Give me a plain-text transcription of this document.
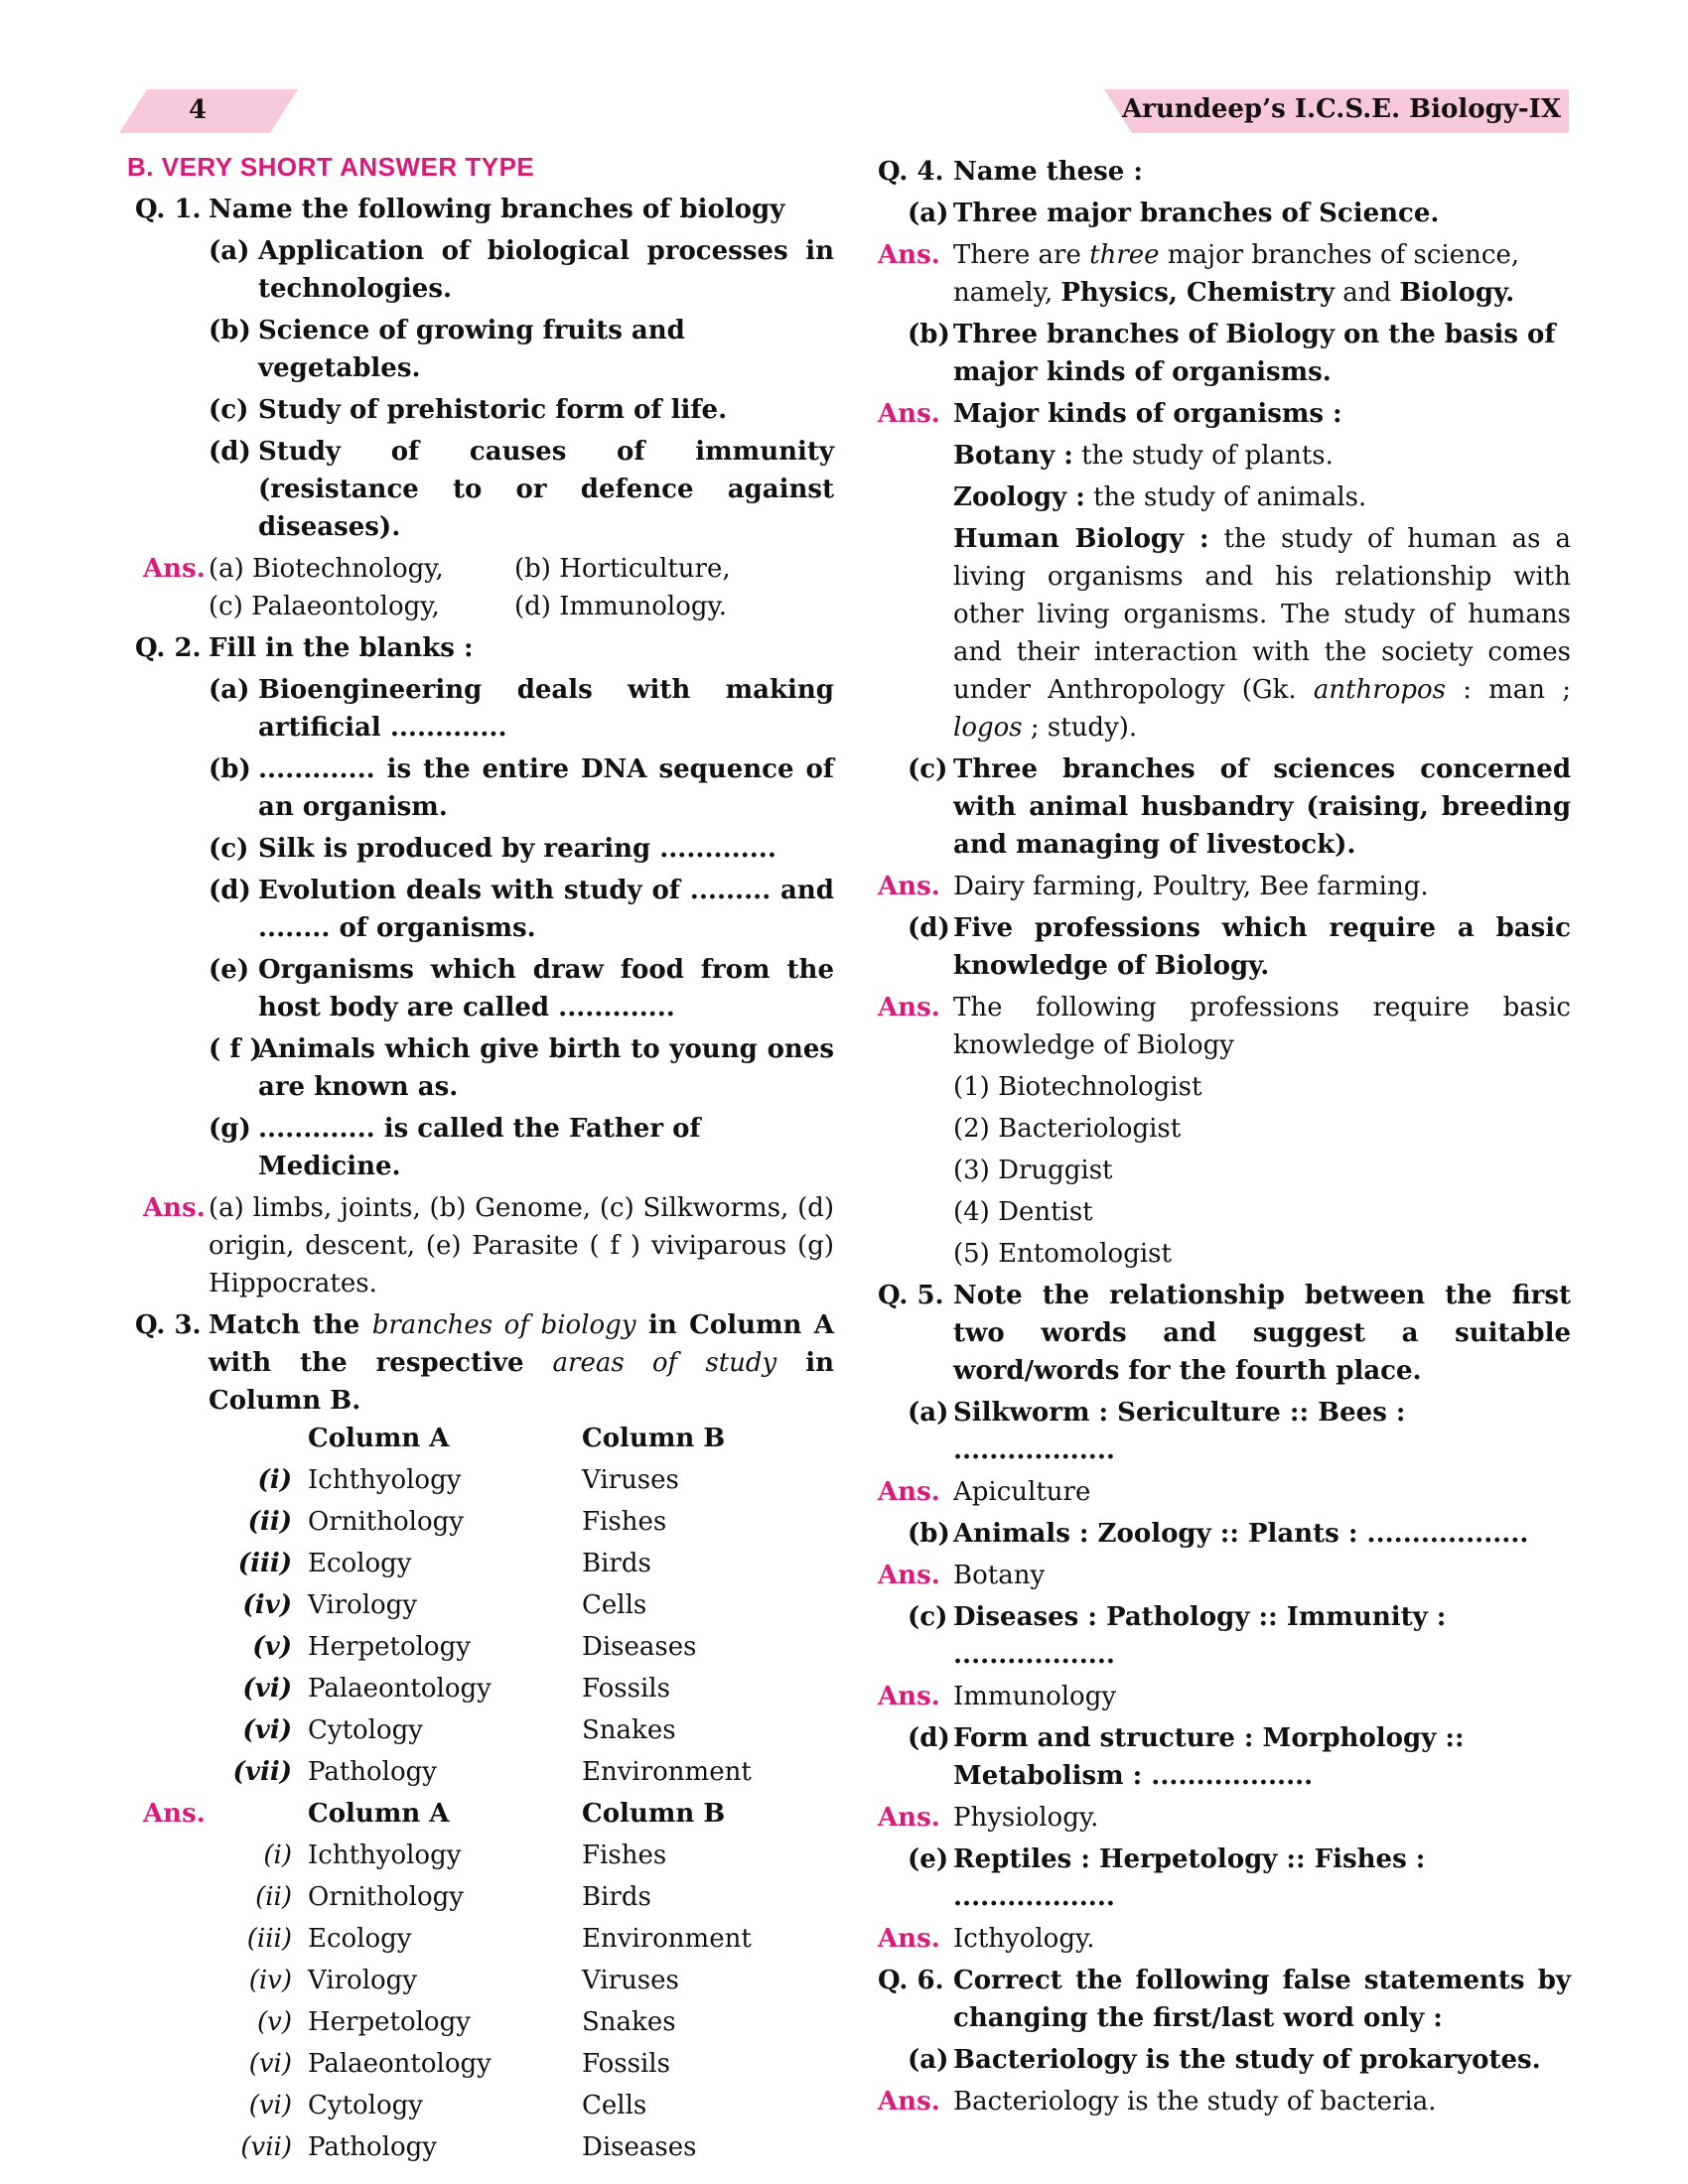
4	Arundeep’s I.C.S.E. Biology-IX
B. VERY SHORT ANSWER TYPE
Q. 1. Name the following branches of biology
(a) Application of biological processes in technologies.
(b) Science of growing fruits and vegetables.
(c) Study of prehistoric form of life.
(d) Study of causes of immunity (resistance to or defence against diseases).
Ans. (a) Biotechnology,	(b) Horticulture,
(c) Palaeontology,	(d) Immunology.
Q. 2. Fill in the blanks :
(a) Bioengineering deals with making artificial .............
(b) ............. is the entire DNA sequence of an organism.
(c) Silk is produced by rearing .............
(d) Evolution deals with study of ......... and ........ of organisms.
(e) Organisms which draw food from the host body are called .............
( f )
Animals which give birth to young ones are known as.
(g) ............. is called the Father of Medicine.
Ans. (a) limbs, joints, (b) Genome, (c) Silkworms, (d) origin, descent, (e) Parasite ( f ) viviparous (g) Hippocrates.
Q. 3. Match the branches of biology in Column A with the respective areas of study in Column B.
	Column A	Column B
(i)	Ichthyology	Viruses
(ii)	Ornithology	Fishes
(iii)	Ecology	Birds
(iv)	Virology	Cells
(v)	Herpetology	Diseases
(vi)	Palaeontology	Fossils
(vi)	Cytology	Snakes
(vii)	Pathology	Environment
Ans.
		Column A	Column B
(i)	Ichthyology	Fishes
(ii)	Ornithology	Birds
(iii)	Ecology	Environment
(iv)	Virology	Viruses
(v)	Herpetology	Snakes
(vi)	Palaeontology	Fossils
(vi)	Cytology	Cells
(vii)	Pathology	Diseases
Q. 4. Name these :
(a) Three major branches of Science.
Ans. There are three major branches of science, namely, Physics, Chemistry and Biology.
(b) Three branches of Biology on the basis of major kinds of organisms.
Ans. Major kinds of organisms :
Botany : the study of plants.
Zoology : the study of animals.
Human Biology : the study of human as a living organisms and his relationship with other living organisms. The study of humans and their interaction with the society comes under Anthropology (Gk. anthropos : man ; logos ; study).
(c) Three branches of sciences concerned with animal husbandry (raising, breeding and managing of livestock).
Ans. Dairy farming, Poultry, Bee farming.
(d) Five professions which require a basic knowledge of Biology.
Ans. The following professions require basic knowledge of Biology
(1) Biotechnologist
(2) Bacteriologist
(3) Druggist
(4) Dentist
(5) Entomologist
Q. 5. Note the relationship between the first two words and suggest a suitable word/words for the fourth place.
(a) Silkworm : Sericulture :: Bees : ..................
Ans. Apiculture
(b) Animals : Zoology :: Plants : ..................
Ans. Botany
(c) Diseases : Pathology :: Immunity : ..................
Ans. Immunology
(d) Form and structure : Morphology :: Metabolism : ..................
Ans. Physiology.
(e) Reptiles : Herpetology :: Fishes : ..................
Ans. Icthyology.
Q. 6. Correct the following false statements by changing the first/last word only :
(a) Bacteriology is the study of prokaryotes.
Ans. Bacteriology is the study of bacteria.
